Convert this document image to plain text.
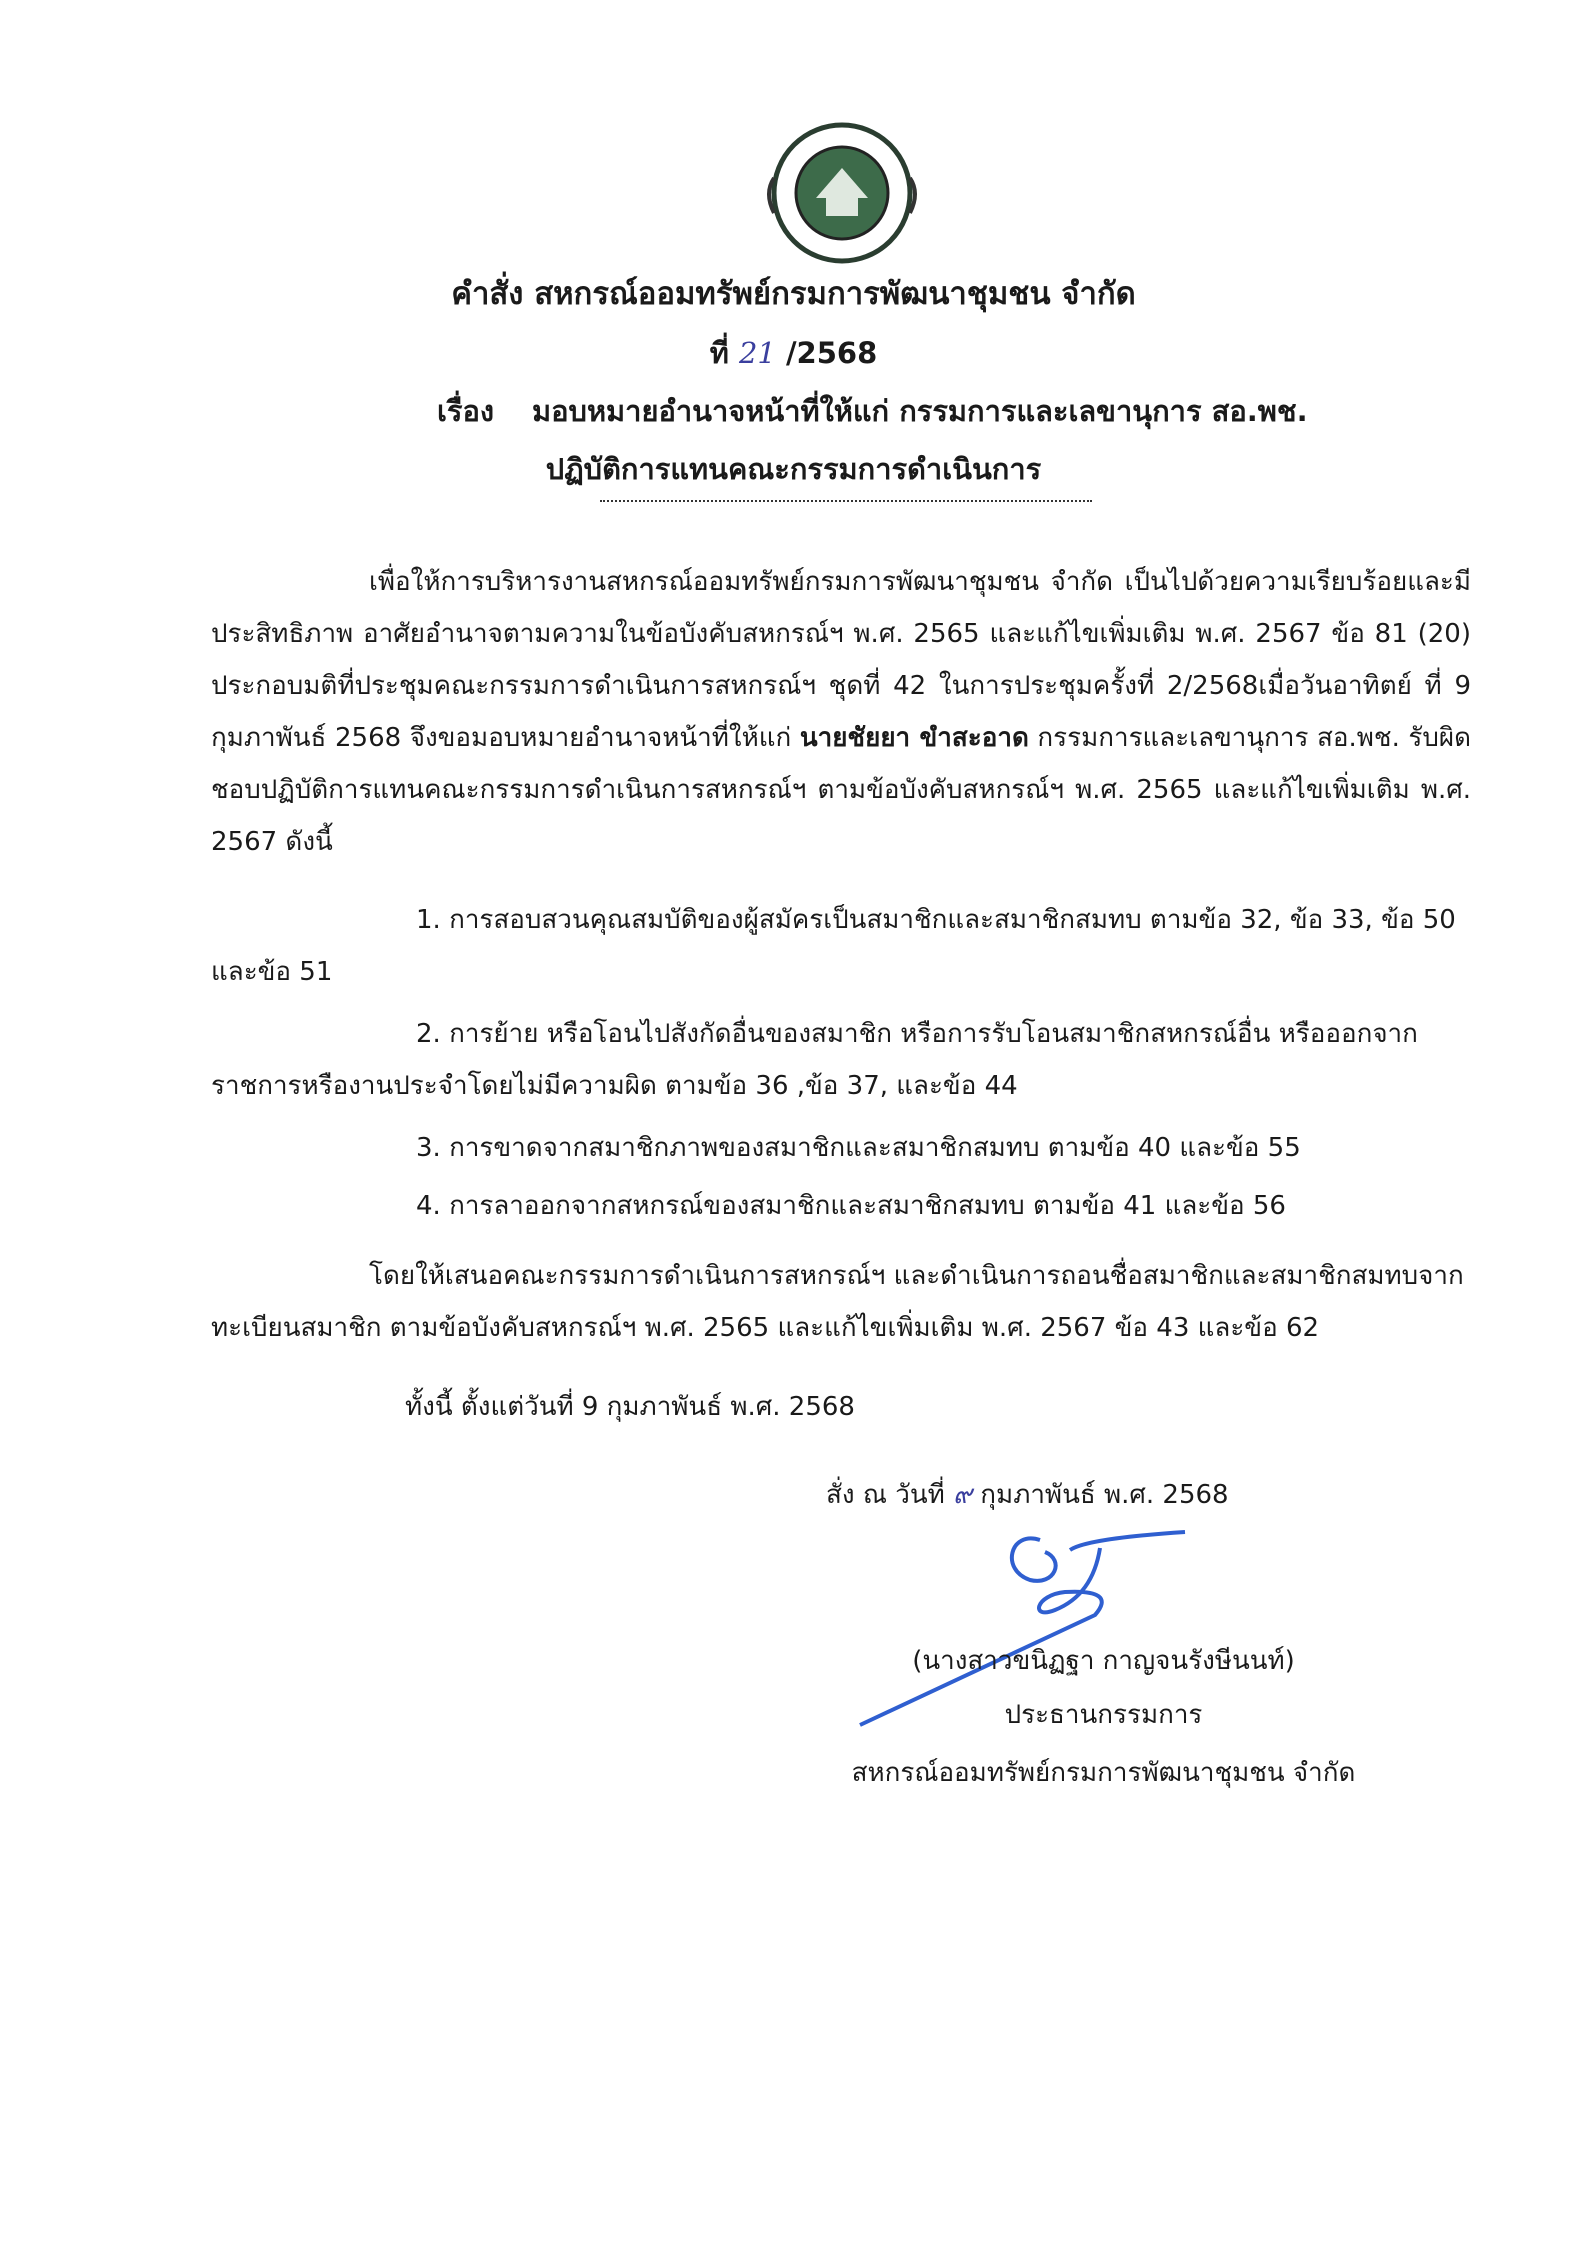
คำสั่ง สหกรณ์ออมทรัพย์กรมการพัฒนาชุมชน จำกัด
ที่ 21 /2568
เรื่อง มอบหมายอำนาจหน้าที่ให้แก่ กรรมการและเลขานุการ สอ.พช.
ปฏิบัติการแทนคณะกรรมการดำเนินการ
เพื่อให้การบริหารงานสหกรณ์ออมทรัพย์กรมการพัฒนาชุมชน จำกัด เป็นไปด้วยความเรียบร้อยและมีประสิทธิภาพ อาศัยอำนาจตามความในข้อบังคับสหกรณ์ฯ พ.ศ. 2565 และแก้ไขเพิ่มเติม พ.ศ. 2567 ข้อ 81 (20) ประกอบมติที่ประชุมคณะกรรมการดำเนินการสหกรณ์ฯ ชุดที่ 42 ในการประชุมครั้งที่ 2/2568เมื่อวันอาทิตย์ ที่ 9 กุมภาพันธ์ 2568 จึงขอมอบหมายอำนาจหน้าที่ให้แก่ นายชัยยา ขำสะอาด กรรมการและเลขานุการ สอ.พช. รับผิดชอบปฏิบัติการแทนคณะกรรมการดำเนินการสหกรณ์ฯ ตามข้อบังคับสหกรณ์ฯ พ.ศ. 2565 และแก้ไขเพิ่มเติม พ.ศ. 2567 ดังนี้
1. การสอบสวนคุณสมบัติของผู้สมัครเป็นสมาชิกและสมาชิกสมทบ ตามข้อ 32, ข้อ 33, ข้อ 50 และข้อ 51
2. การย้าย หรือโอนไปสังกัดอื่นของสมาชิก หรือการรับโอนสมาชิกสหกรณ์อื่น หรือออกจากราชการหรืองานประจำโดยไม่มีความผิด ตามข้อ 36 ,ข้อ 37, และข้อ 44
3. การขาดจากสมาชิกภาพของสมาชิกและสมาชิกสมทบ ตามข้อ 40 และข้อ 55
4. การลาออกจากสหกรณ์ของสมาชิกและสมาชิกสมทบ ตามข้อ 41 และข้อ 56
โดยให้เสนอคณะกรรมการดำเนินการสหกรณ์ฯ และดำเนินการถอนชื่อสมาชิกและสมาชิกสมทบจากทะเบียนสมาชิก ตามข้อบังคับสหกรณ์ฯ พ.ศ. 2565 และแก้ไขเพิ่มเติม พ.ศ. 2567 ข้อ 43 และข้อ 62
ทั้งนี้ ตั้งแต่วันที่ 9 กุมภาพันธ์ พ.ศ. 2568
สั่ง ณ วันที่ ๙ กุมภาพันธ์ พ.ศ. 2568
(นางสาวขนิฏฐา กาญจนรังษีนนท์)
ประธานกรรมการ
สหกรณ์ออมทรัพย์กรมการพัฒนาชุมชน จำกัด
